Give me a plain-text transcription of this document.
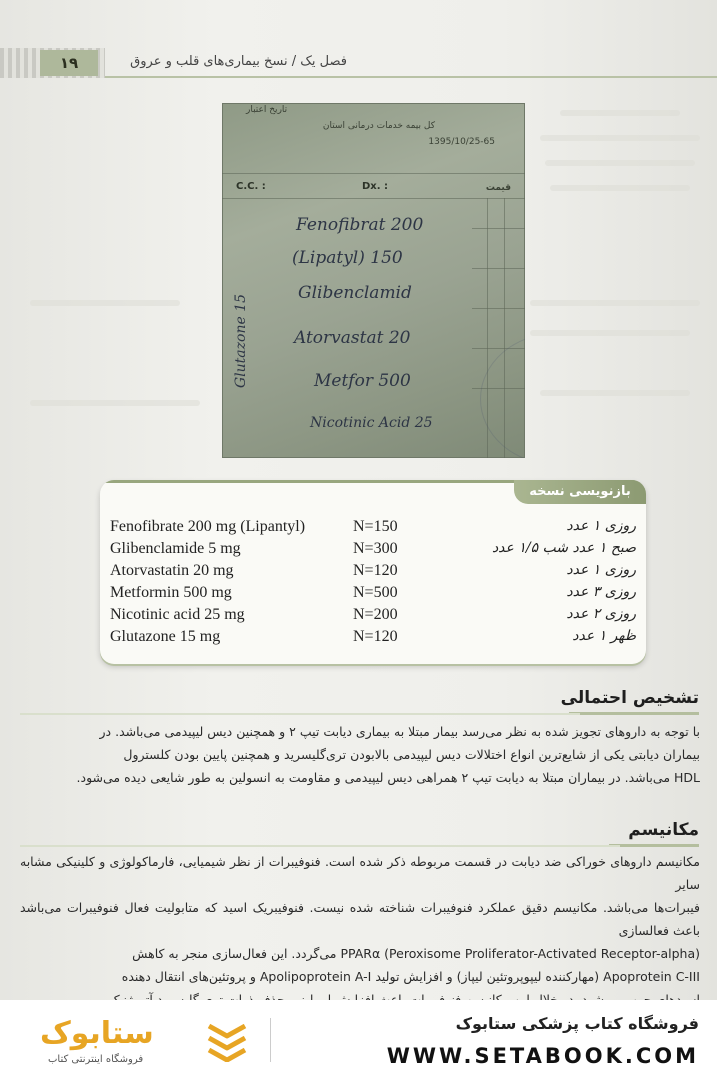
۱۹	فصل یک / نسخ بیماری‌های قلب و عروق
کل بیمه خدمات درمانی استان
تاریخ اعتبار
1395/10/25-65
C.C. :	Dx. :	قیمت
Fenofibrat 200
(Lipatyl) 150
Glibenclamid
Atorvastat 20
Metfor 500
Nicotinic Acid 25
Glutazone 15
بازنویسی نسخه
Fenofibrate 200 mg (Lipantyl)	N=150	روزی ۱ عدد
Glibenclamide 5 mg	N=300	صبح ۱ عدد شب ۱/۵ عدد
Atorvastatin 20 mg	N=120	روزی ۱ عدد
Metformin 500 mg	N=500	روزی ۳ عدد
Nicotinic acid 25 mg	N=200	روزی ۲ عدد
Glutazone 15 mg	N=120	ظهر ۱ عدد
تشخیص احتمالی

با توجه به داروهای تجویز شده به نظر می‌رسد بیمار مبتلا به بیماری دیابت تیپ ۲ و همچنین دیس لیپیدمی می‌باشد. در

بیماران دیابتی یکی از شایع‌ترین انواع اختلالات دیس لیپیدمی بالابودن تری‌گلیسرید و همچنین پایین بودن کلسترول

HDL می‌باشد. در بیماران مبتلا به دیابت تیپ ۲ همراهی دیس لیپیدمی و مقاومت به انسولین به طور شایعی دیده می‌شود.

مکانیسم

مکانیسم داروهای خوراکی ضد دیابت در قسمت مربوطه ذکر شده است. فنوفیبرات از نظر شیمیایی، فارماکولوژی و کلینیکی مشابه سایر

فیبرات‌ها می‌باشد. مکانیسم دقیق عملکرد فنوفیبرات شناخته شده نیست. فنوفیبریک اسید که متابولیت فعال فنوفیبرات می‌باشد باعث فعالسازی

PPARα (Peroxisome Proliferator-Activated Receptor-alpha) می‌گردد. این فعال‌سازی منجر به کاهش

Apoprotein C-III (مهارکننده لیپوپروتئین لیپاز) و افزایش تولید Apolipoprotein A-I و پروتئین‌های انتقال دهنده

فروشگاه کتاب پزشکی ستابوک
WWW.SETABOOK.COM
ستابوک
فروشگاه اینترنتی کتاب
